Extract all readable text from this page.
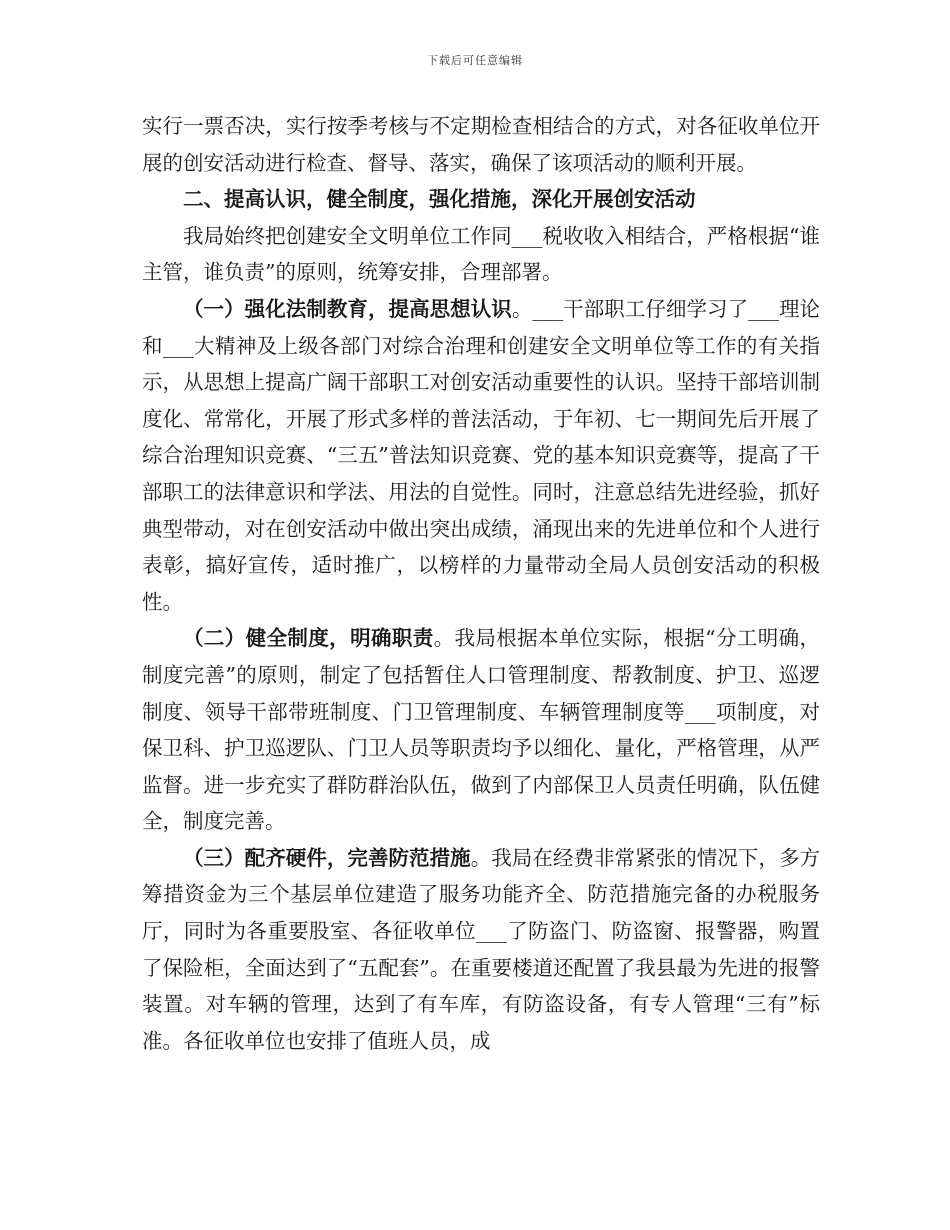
下载后可任意编辑

实行一票否决，实行按季考核与不定期检查相结合的方式，对各征收单位开展的创安活动进行检查、督导、落实，确保了该项活动的顺利开展。

二、提高认识，健全制度，强化措施，深化开展创安活动

我局始终把创建安全文明单位工作同___税收收入相结合，严格根据“谁主管，谁负责”的原则，统筹安排，合理部署。

（一）强化法制教育，提高思想认识。___干部职工仔细学习了___理论和___大精神及上级各部门对综合治理和创建安全文明单位等工作的有关指示，从思想上提高广阔干部职工对创安活动重要性的认识。坚持干部培训制度化、常常化，开展了形式多样的普法活动，于年初、七一期间先后开展了综合治理知识竞赛、“三五”普法知识竞赛、党的基本知识竞赛等，提高了干部职工的法律意识和学法、用法的自觉性。同时，注意总结先进经验，抓好典型带动，对在创安活动中做出突出成绩，涌现出来的先进单位和个人进行表彰，搞好宣传，适时推广，以榜样的力量带动全局人员创安活动的积极性。

（二）健全制度，明确职责。我局根据本单位实际，根据“分工明确，制度完善”的原则，制定了包括暂住人口管理制度、帮教制度、护卫、巡逻制度、领导干部带班制度、门卫管理制度、车辆管理制度等___项制度，对保卫科、护卫巡逻队、门卫人员等职责均予以细化、量化，严格管理，从严监督。进一步充实了群防群治队伍，做到了内部保卫人员责任明确，队伍健全，制度完善。

（三）配齐硬件，完善防范措施。我局在经费非常紧张的情况下，多方筹措资金为三个基层单位建造了服务功能齐全、防范措施完备的办税服务厅，同时为各重要股室、各征收单位___了防盗门、防盗窗、报警器，购置了保险柜，全面达到了“五配套”。在重要楼道还配置了我县最为先进的报警装置。对车辆的管理，达到了有车库，有防盗设备，有专人管理“三有”标准。各征收单位也安排了值班人员，成
